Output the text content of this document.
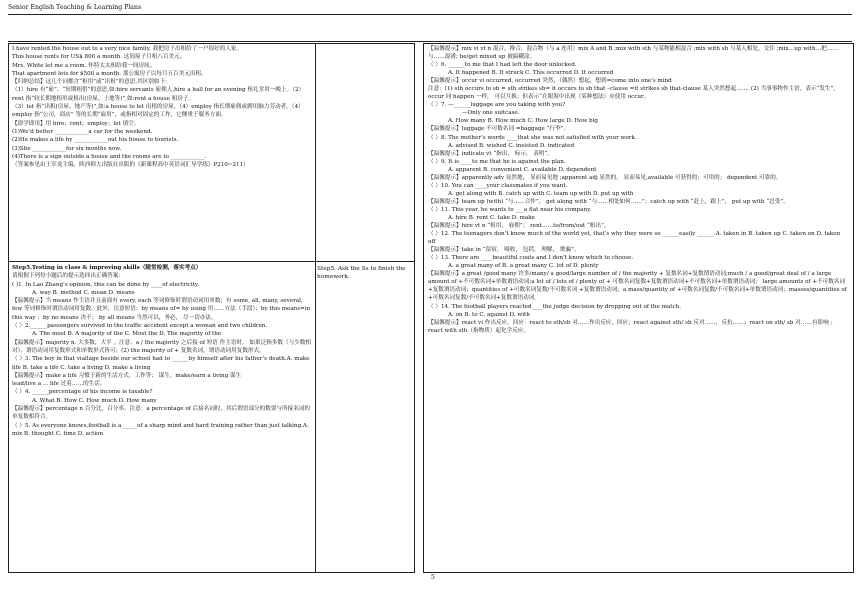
Senior English Teaching & Learning Plans

I have rented the house out to a very nice family. 我把房子出租给了一户很好的人家。

This house rents for US$ 800 a month. 这间屋子月租八百美元。

Mrs. White let me a room. 怀特太太租给我一间房间。

That apartment lets for $500 a month. 那公寓房子以每月五百美元出租。

【归纳总结】这几个词都含“租用”或“出租”的意思,其区别如下:

（1）hire 有“雇”、“短期租借”的意思,如:hire servants 雇佣人,hire a hall for an evening 租礼堂用一晚上。（2）rent 指“较长期地租用或租出(房屋、土地等)”,如:rent a house 租房子。

（3）let 指“出租(房屋、地产等)”,如:a house to let 出租的房屋。（4）employ 指长期雇佣或聘用脑力劳动者。（4）employ 指“公司，商店” 等的长期“雇用”，或指相对固定的工作，它侧重于服务方面。

【即学即用】用 hire；rent；employ；let 填空。

(1)We’d better ____________a car for the weekend.

(2)He makes a life by ____________out his house to tourists.

(3)She ____________for six months now.

(4)There is a sign outside a house and the rooms are to ____________.

（答案参见由王军龙主编，陕西师大出版社出版的《新课程高中英语词汇导学练》P210~211）

Step5.Testing in class & improving skills（随堂检测，落实考点）

请根据下列每小题后的提示选择出正确答案：

( )1. In Lao Zhang’s opinion, this can be done by ____of electricity.

A. way B. method C. mean D. means

【温馨提示】当 means 作主语并且前面有 every, each 等词修饰时谓语动词用单数；有 some, all, many, several, few 等词修饰时谓语动词用复数。此外，注意短语：by means of= by using 用……方法（手段）；by this means=in this way ：by no means 决不； by all means 当然可以，务必， 尽一切办法。

（ ）2.______passengers survived in the traffic accident except a woman and two children.

A. The most B. A majority of the C. Most the D. The majority of the

【温馨提示】majority n. 大多数，大半 。注意：a / the majority 之后接 of 短语 作主语时， 如果泛指多数（与少数相对），谓语动词用复数形式和单数形式皆可；(2) the majority of + 复数名词，谓语动词用复数形式。

（ ）3. The boy in that viallage beside our school had to ______by himself after his father’s death.A. make life B. take a life C. take a living D. make a living

【温馨提示】make a life 习惯于新的生活方式。工作等； 谋生。make/earn a living 谋生

lead/live a ... life 过着……的生活。

（ ）4. ______percentage of his income is taxable?

A. What B. How C. How much D. How many

【温馨提示】percentage n 百分比，百分率。注意：a percentage of 后接名词时，其后谓语部分的数要与所接名词的单复数相符合。

（ ）5. As everyone knows,football is a _____of a sharp mind and hard training rather than just talking.A. mix B. thought C. time D. action

Step5. Ask the Ss to finish the homework.

【温馨提示】mix vi vt n 混合，搀合，混合物（与 a 连用）mix A and B ;mix with sth 与某物能相混合 ;mix with sb 与某人相处，交往 ;mix…up with…把……与……混淆; be/get mixed up 被搞糊涂。

（ ）6. ______to me that I had left the door unlocked.

A. It happened B. It struck C. This occurred D. It occurred

【温馨提示】occur vi occurred, occurred 突然，（偶然）想起，想到=come into one's mind

注意：(1) sth occurs to sb = sth strikes sb= it occurs to sb that –clause =it strikes sb that-clause 某人突然想起……. (2) 当事事物作主语，表示“发生”，occur 同 happen 一样， 可以互换；但表示“在眼海中出现（某种想法）应使用 occur。

（ ）7. —______luggage are you taking with you?

—Only one suitcase.

A. How many B. How much C. How large D. How big

【温馨提示】luggage 不可数名词 =baggage “行李”。

（ ）8. The mother’s words ____that she was not satisfied with your work.

A. advised B. wished C. insisted D. indicated

【温馨提示】indicate vt “指出， 标示， 表明”。

（ ）9. It is ____to me that he is against the plan.

A. apparent B. convenient C. available D. dependent

【温馨提示】apparently adv 显然地， 显而易见地 ;apparent adj 显然的， 显而易见,available 可获得的；可用的； dependent 可靠的。

（ ）10. You can ____your classmates if you want.

A. get along with B. catch up with C. team up with D. put up with

【温馨提示】team up (with) “与……合作”， get along with “与……相处如何……”；catch up with “赶上，跟上”， put up with “忍受”。

（ ）11. This year, he wants to ___a flat near his company.

A. hire B. rent C. take D. make

【温馨提示】hire vt n “租用， 雇佣”； rent……to/from/out “租出”。

（ ）12. The teenagers don’t know much of the world yet, that’s why they were so ______easily ______.A. taken in B. taken up C. taken on D. taken off

【温馨提示】take in “留宿， 吸收， 包括， 理解， 欺骗”。

（ ）13. There are ____beautiful coats and I don’t know which to choose.

A. a great many of B. a great many C. lot of D. plenty

【温馨提示】a great /good many 许多/many/ a good/large number of / the majority + 复数名词+复数谓语动词;much / a good/great deal of / a large amount of +不可数名词+单数谓语动词;a lot of / lots of / plenty of + 可数名词复数+复数谓语动词+不可数名词+单数谓语动词； large amounts of +不可数名词+复数谓语动词；quantities of +可数名词复数/不可数名词 +复数谓语动词；a mass/quantity of +可数名词复数/不可数名词+单数谓语动词；masses/quantities of +可数名词复数/不可数名词+复数谓语动词。

（ ）14. The football players reacted____the judge decision by dropping out of the match.

A. on B. to C. against D. with

【温馨提示】react vi 作出反应，回应：react to sth/sb 对……作出反应，回应；react against sth/ sb 反对……，反抗……；react on sth/ sb 对……有影响 ；react with sth（指物质）起化学反应。

5
